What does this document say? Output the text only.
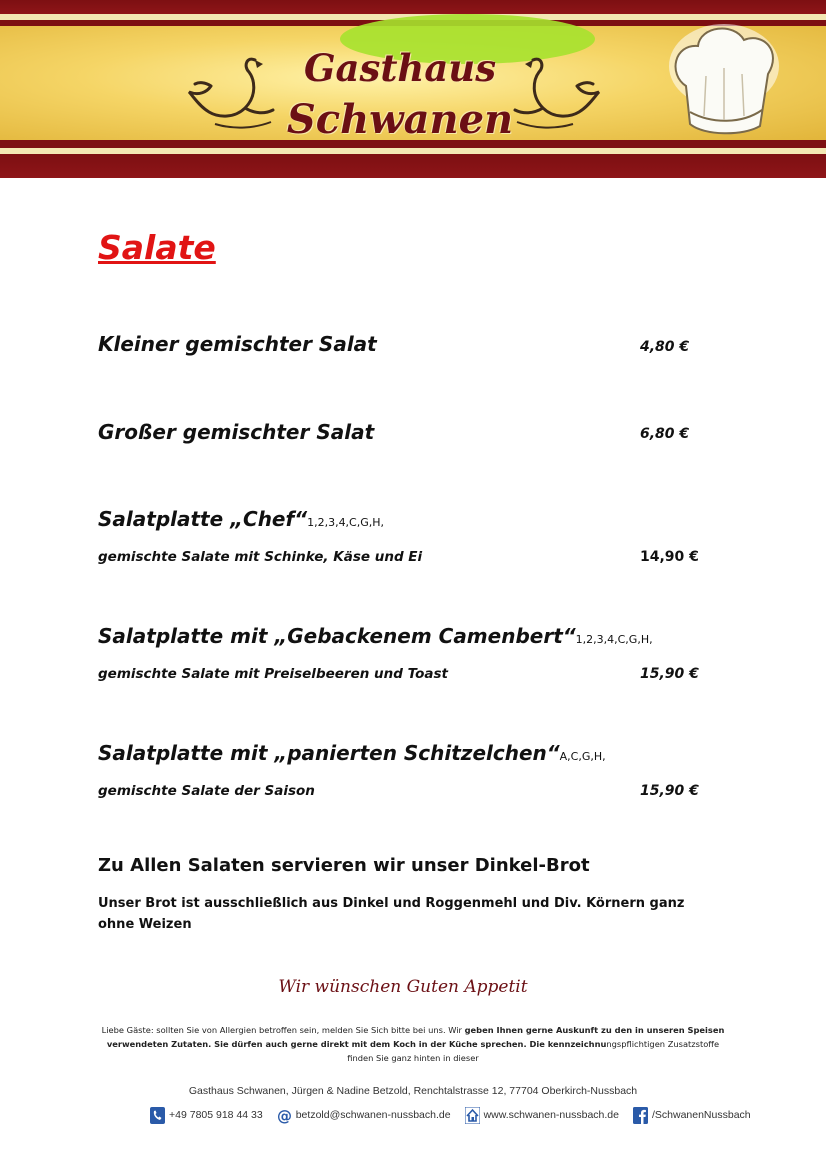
Gasthaus
Schwanen
Salate
Kleiner gemischter Salat	4,80 €
Großer gemischter Salat	6,80 €
Salatplatte „Chef“1,2,3,4,C,G,H,
gemischte Salate mit Schinke, Käse und Ei	14,90 €
Salatplatte mit „Gebackenem Camenbert“1,2,3,4,C,G,H,
gemischte Salate mit Preiselbeeren und Toast	15,90 €
Salatplatte mit „panierten Schitzelchen“A,C,G,H,
gemischte Salate der Saison	15,90 €
Zu Allen Salaten servieren wir unser Dinkel-Brot
Unser Brot ist ausschließlich aus Dinkel und Roggenmehl und Div. Körnern ganz ohne Weizen
Wir wünschen Guten Appetit
Liebe Gäste: sollten Sie von Allergien betroffen sein, melden Sie Sich bitte bei uns. Wir geben Ihnen gerne Auskunft zu den in unseren Speisen verwendeten Zutaten. Sie dürfen auch gerne direkt mit dem Koch in der Küche sprechen. Die kennzeichnungspflichtigen Zusatzstoffe finden Sie ganz hinten in dieser
Gasthaus Schwanen, Jürgen & Nadine Betzold, Renchtalstrasse 12, 77704 Oberkirch-Nussbach
+49 7805 918 44 33 @ betzold@schwanen-nussbach.de	www.schwanen-nussbach.de	/SchwanenNussbach
